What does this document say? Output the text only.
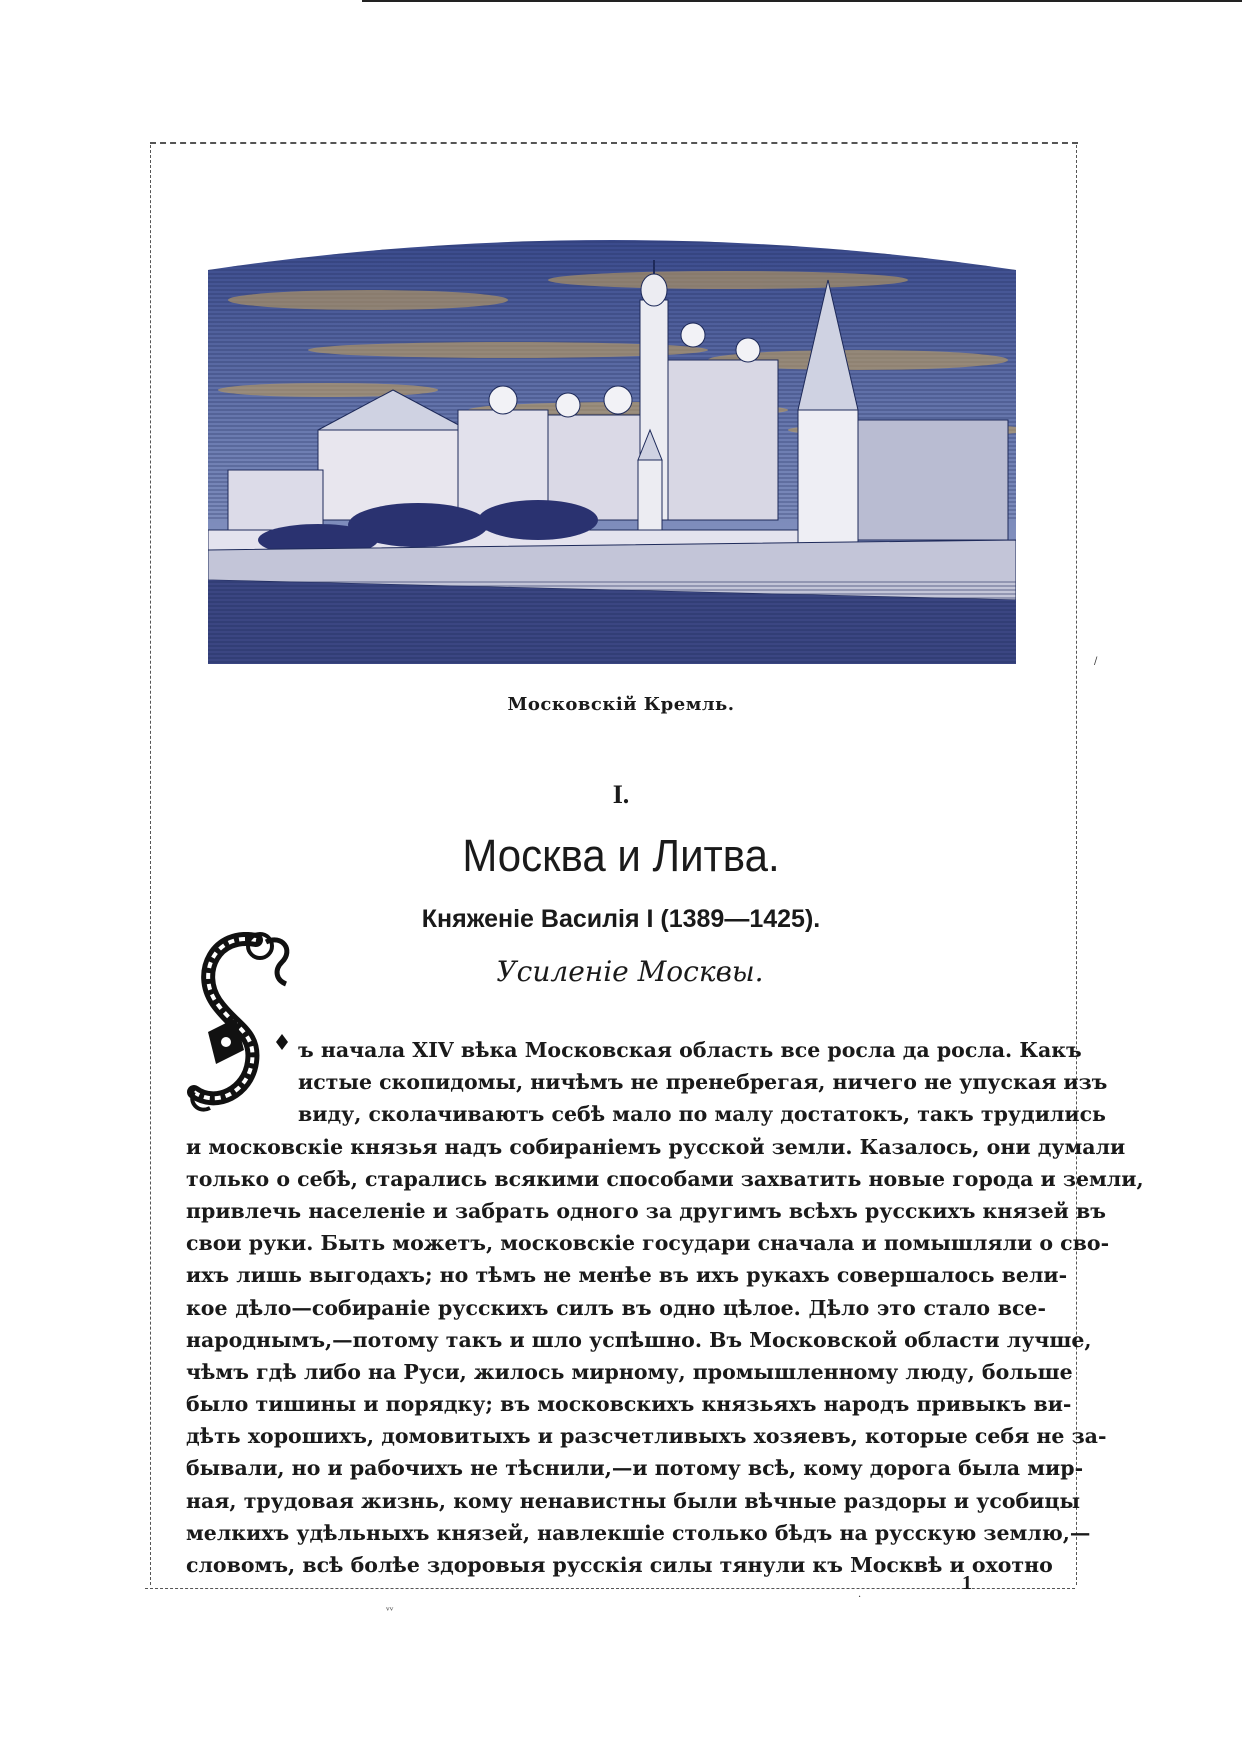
Московскій Кремль.
I.
Москва и Литва.
Княженіе Василія I (1389—1425).
Усиленіе Москвы.
ъ начала XIV вѣка Московская область все росла да росла. Какъ
истые скопидомы, ничѣмъ не пренебрегая, ничего не упуская изъ
виду, сколачиваютъ себѣ мало по малу достатокъ, такъ трудились
и московскіе князья надъ собираніемъ русской земли. Казалось, они думали
только о себѣ, старались всякими способами захватить новые города и земли,
привлечь населеніе и забрать одного за другимъ всѣхъ русскихъ князей въ
свои руки. Быть можетъ, московскіе государи сначала и помышляли о сво-
ихъ лишь выгодахъ; но тѣмъ не менѣе въ ихъ рукахъ совершалось вели-
кое дѣло—собираніе русскихъ силъ въ одно цѣлое. Дѣло это стало все-
народнымъ,—потому такъ и шло успѣшно. Въ Московской области лучше,
чѣмъ гдѣ либо на Руси, жилось мирному, промышленному люду, больше
было тишины и порядку; въ московскихъ князьяхъ народъ привыкъ ви-
дѣть хорошихъ, домовитыхъ и разсчетливыхъ хозяевъ, которые себя не за-
бывали, но и рабочихъ не тѣснили,—и потому всѣ, кому дорога была мир-
ная, трудовая жизнь, кому ненавистны были вѣчные раздоры и усобицы
мелкихъ удѣльныхъ князей, навлекшіе столько бѣдъ на русскую землю,—
словомъ, всѣ болѣе здоровыя русскія силы тянули къ Москвѣ и охотно
1
ᵛᵛ
·
/
